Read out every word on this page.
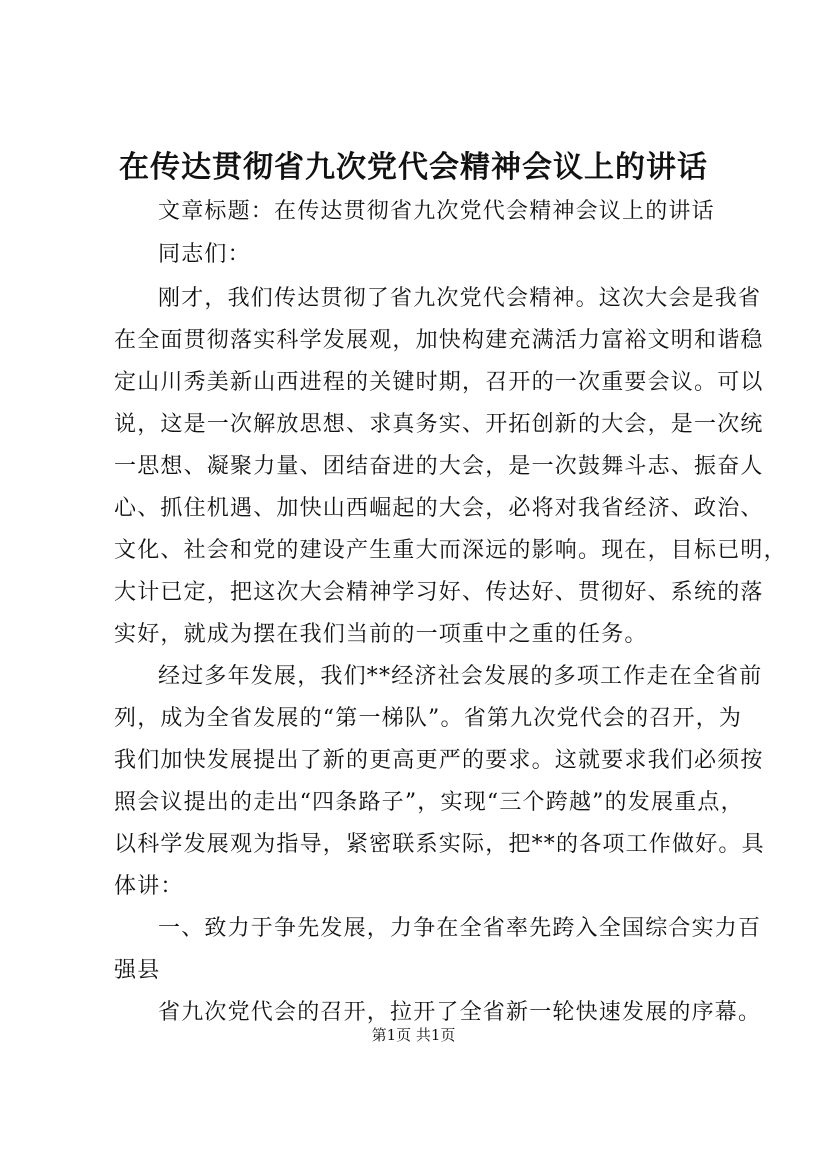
在传达贯彻省九次党代会精神会议上的讲话

文章标题：在传达贯彻省九次党代会精神会议上的讲话

同志们：

刚才，我们传达贯彻了省九次党代会精神。这次大会是我省

在全面贯彻落实科学发展观，加快构建充满活力富裕文明和谐稳

定山川秀美新山西进程的关键时期，召开的一次重要会议。可以

说，这是一次解放思想、求真务实、开拓创新的大会，是一次统

一思想、凝聚力量、团结奋进的大会，是一次鼓舞斗志、振奋人

心、抓住机遇、加快山西崛起的大会，必将对我省经济、政治、

文化、社会和党的建设产生重大而深远的影响。现在，目标已明，

大计已定，把这次大会精神学习好、传达好、贯彻好、系统的落

实好，就成为摆在我们当前的一项重中之重的任务。

经过多年发展，我们**经济社会发展的多项工作走在全省前

列，成为全省发展的“第一梯队”。省第九次党代会的召开，为

我们加快发展提出了新的更高更严的要求。这就要求我们必须按

照会议提出的走出“四条路子”，实现“三个跨越”的发展重点，

以科学发展观为指导，紧密联系实际，把**的各项工作做好。具

体讲：

一、致力于争先发展，力争在全省率先跨入全国综合实力百

强县

省九次党代会的召开，拉开了全省新一轮快速发展的序幕。

第1页 共1页
